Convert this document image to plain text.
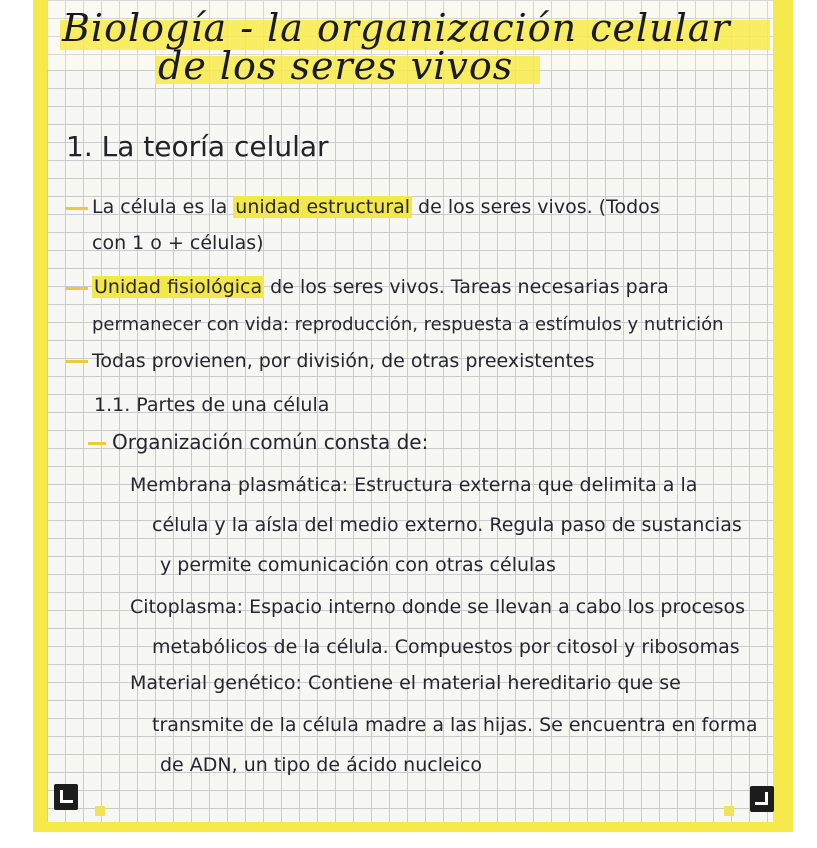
Biología - la organización celular

de los seres vivos

1. La teoría celular

La célula es la unidad estructural de los seres vivos. (Todos

con 1 o + células)

Unidad fisiológica de los seres vivos. Tareas necesarias para

permanecer con vida: reproducción, respuesta a estímulos y nutrición

Todas provienen, por división, de otras preexistentes

1.1. Partes de una célula

Organización común consta de:

Membrana plasmática: Estructura externa que delimita a la

célula y la aísla del medio externo. Regula paso de sustancias

y permite comunicación con otras células

Citoplasma: Espacio interno donde se llevan a cabo los procesos

metabólicos de la célula. Compuestos por citosol y ribosomas

Material genético: Contiene el material hereditario que se

transmite de la célula madre a las hijas. Se encuentra en forma

de ADN, un tipo de ácido nucleico
